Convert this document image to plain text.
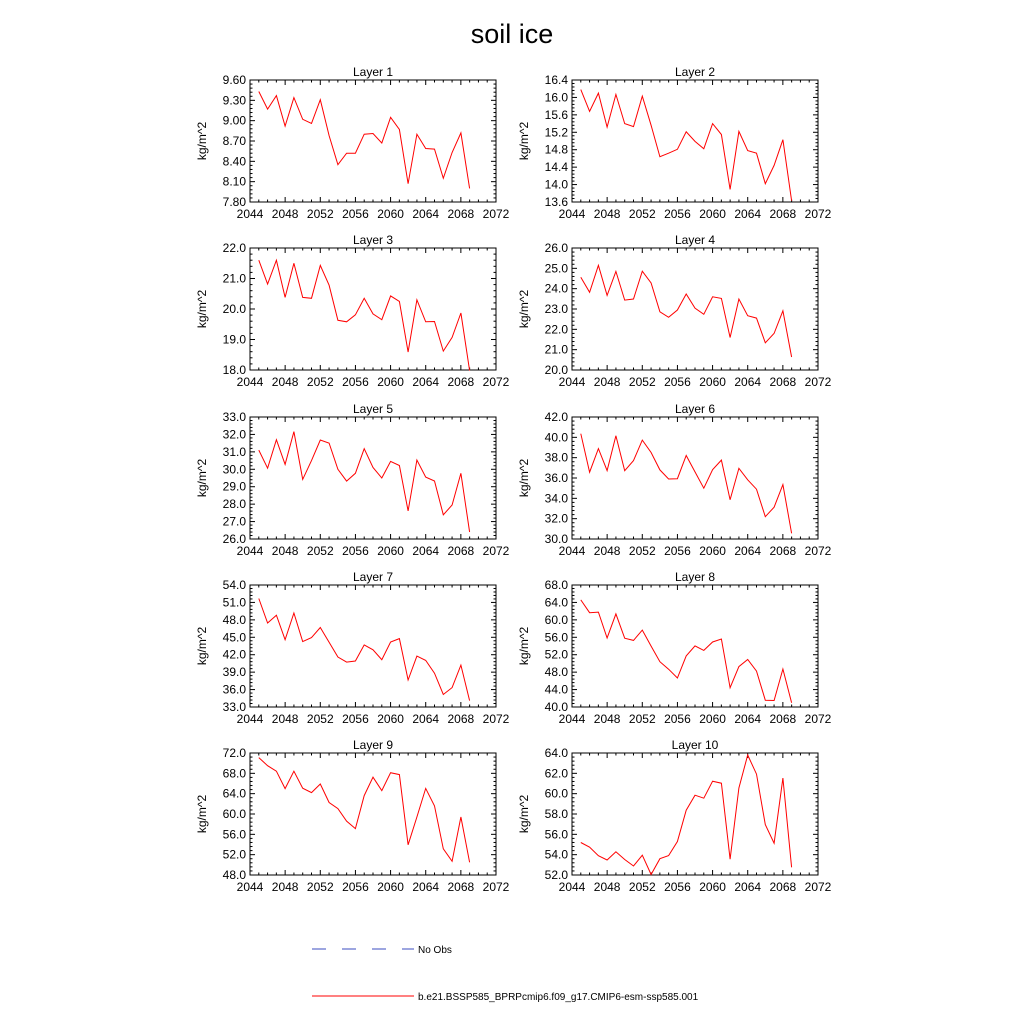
soil ice
Layer 1
2044 2048 2052 2056 2060 2064 2068 2072
7.80
8.10
8.40
8.70
9.00
9.30
9.60
kg/m^2
Layer 2
2044 2048 2052 2056 2060 2064 2068 2072
13.6
14.0
14.4
14.8
15.2
15.6
16.0
16.4
kg/m^2
Layer 3
2044 2048 2052 2056 2060 2064 2068 2072
18.0
19.0
20.0
21.0
22.0
kg/m^2
Layer 4
2044 2048 2052 2056 2060 2064 2068 2072
20.0
21.0
22.0
23.0
24.0
25.0
26.0
kg/m^2
Layer 5
2044 2048 2052 2056 2060 2064 2068 2072
26.0
27.0
28.0
29.0
30.0
31.0
32.0
33.0
kg/m^2
Layer 6
2044 2048 2052 2056 2060 2064 2068 2072
30.0
32.0
34.0
36.0
38.0
40.0
42.0
kg/m^2
Layer 7
2044 2048 2052 2056 2060 2064 2068 2072
33.0
36.0
39.0
42.0
45.0
48.0
51.0
54.0
kg/m^2
Layer 8
2044 2048 2052 2056 2060 2064 2068 2072
40.0
44.0
48.0
52.0
56.0
60.0
64.0
68.0
kg/m^2
Layer 9
2044 2048 2052 2056 2060 2064 2068 2072
48.0
52.0
56.0
60.0
64.0
68.0
72.0
kg/m^2
Layer 10
2044 2048 2052 2056 2060 2064 2068 2072
52.0
54.0
56.0
58.0
60.0
62.0
64.0
kg/m^2
No Obs
b.e21.BSSP585_BPRPcmip6.f09_g17.CMIP6-esm-ssp585.001
